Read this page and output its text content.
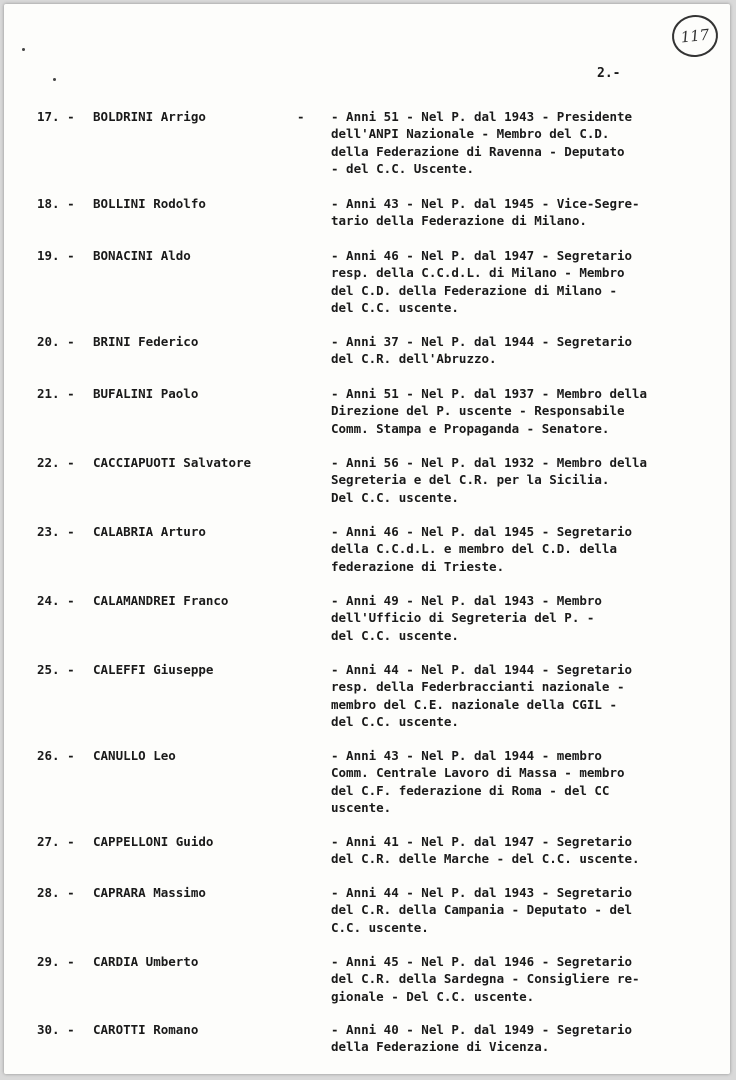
117
2.-
17. - BOLDRINI Arrigo	- - Anni 51 - Nel P. dal 1943 - Presidente
dell'ANPI Nazionale - Membro del C.D.
della Federazione di Ravenna - Deputato
- del C.C. Uscente.
18. - BOLLINI Rodolfo	- Anni 43 - Nel P. dal 1945 - Vice-Segre-
tario della Federazione di Milano.
19. - BONACINI Aldo	- Anni 46 - Nel P. dal 1947 - Segretario
resp. della C.C.d.L. di Milano - Membro
del C.D. della Federazione di Milano -
del C.C. uscente.
20. - BRINI Federico	- Anni 37 - Nel P. dal 1944 - Segretario
del C.R. dell'Abruzzo.
21. - BUFALINI Paolo	- Anni 51 - Nel P. dal 1937 - Membro della
Direzione del P. uscente - Responsabile
Comm. Stampa e Propaganda - Senatore.
22. - CACCIAPUOTI Salvatore	- Anni 56 - Nel P. dal 1932 - Membro della
Segreteria e del C.R. per la Sicilia.
Del C.C. uscente.
23. - CALABRIA Arturo	- Anni 46 - Nel P. dal 1945 - Segretario
della C.C.d.L. e membro del C.D. della
federazione di Trieste.
24. - CALAMANDREI Franco	- Anni 49 - Nel P. dal 1943 - Membro
dell'Ufficio di Segreteria del P. -
del C.C. uscente.
25. - CALEFFI Giuseppe	- Anni 44 - Nel P. dal 1944 - Segretario
resp. della Federbraccianti nazionale -
membro del C.E. nazionale della CGIL -
del C.C. uscente.
26. - CANULLO Leo	- Anni 43 - Nel P. dal 1944 - membro
Comm. Centrale Lavoro di Massa - membro
del C.F. federazione di Roma - del CC
uscente.
27. - CAPPELLONI Guido	- Anni 41 - Nel P. dal 1947 - Segretario
del C.R. delle Marche - del C.C. uscente.
28. - CAPRARA Massimo	- Anni 44 - Nel P. dal 1943 - Segretario
del C.R. della Campania - Deputato - del
C.C. uscente.
29. - CARDIA Umberto	- Anni 45 - Nel P. dal 1946 - Segretario
del C.R. della Sardegna - Consigliere re-
gionale - Del C.C. uscente.
30. - CAROTTI Romano	- Anni 40 - Nel P. dal 1949 - Segretario
della Federazione di Vicenza.
